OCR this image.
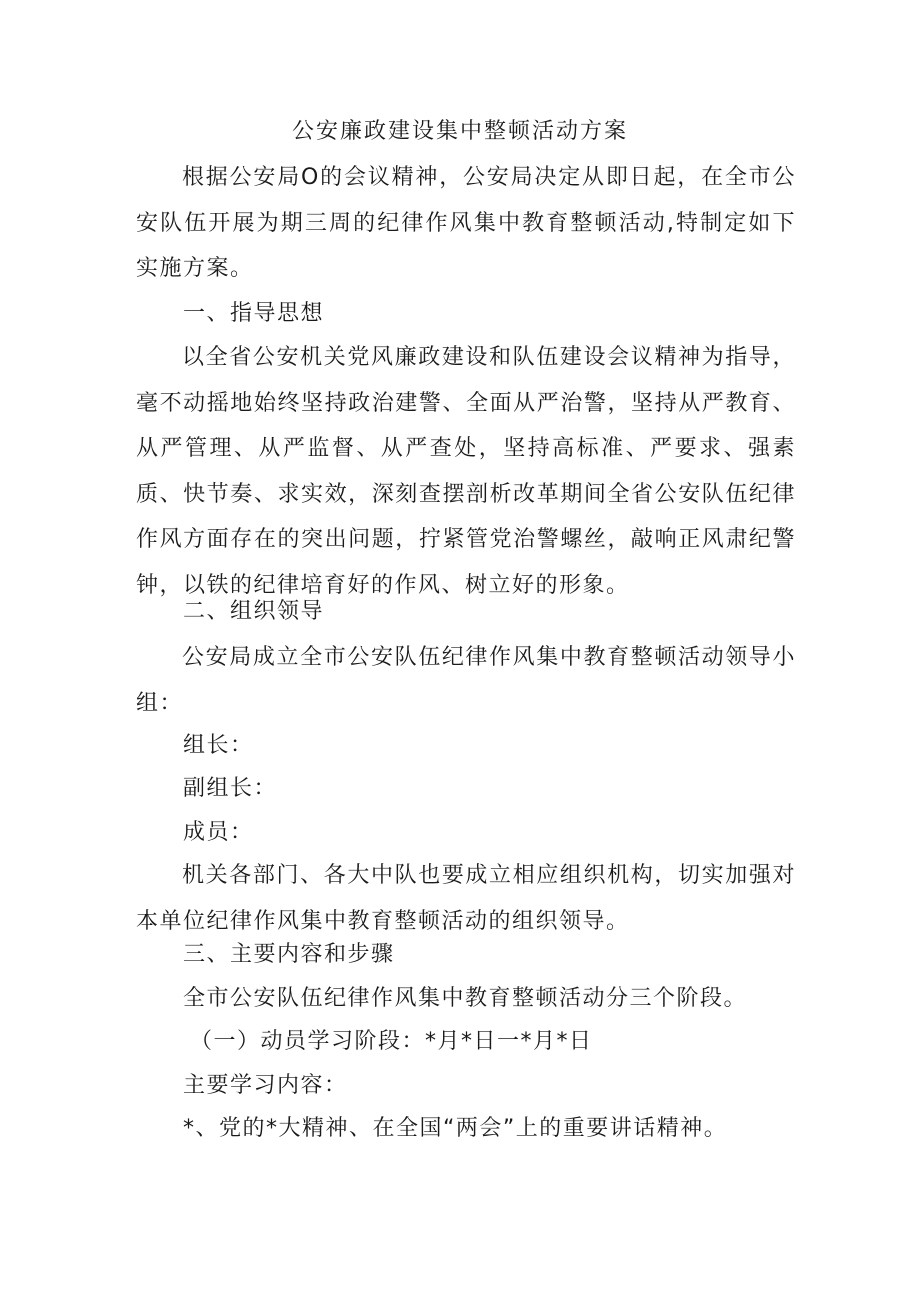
公安廉政建设集中整顿活动方案
根据公安局O的会议精神，公安局决定从即日起，在全市公安队伍开展为期三周的纪律作风集中教育整顿活动,特制定如下实施方案。
一、指导思想
以全省公安机关党风廉政建设和队伍建设会议精神为指导，毫不动摇地始终坚持政治建警、全面从严治警，坚持从严教育、从严管理、从严监督、从严查处，坚持高标准、严要求、强素质、快节奏、求实效，深刻查摆剖析改革期间全省公安队伍纪律作风方面存在的突出问题，拧紧管党治警螺丝，敲响正风肃纪警钟，以铁的纪律培育好的作风、树立好的形象。
二、组织领导
公安局成立全市公安队伍纪律作风集中教育整顿活动领导小组：
组长：
副组长：
成员：
机关各部门、各大中队也要成立相应组织机构，切实加强对本单位纪律作风集中教育整顿活动的组织领导。
三、主要内容和步骤
全市公安队伍纪律作风集中教育整顿活动分三个阶段。
（一）动员学习阶段：*月*日一*月*日
主要学习内容：
*、党的*大精神、在全国“两会”上的重要讲话精神。
